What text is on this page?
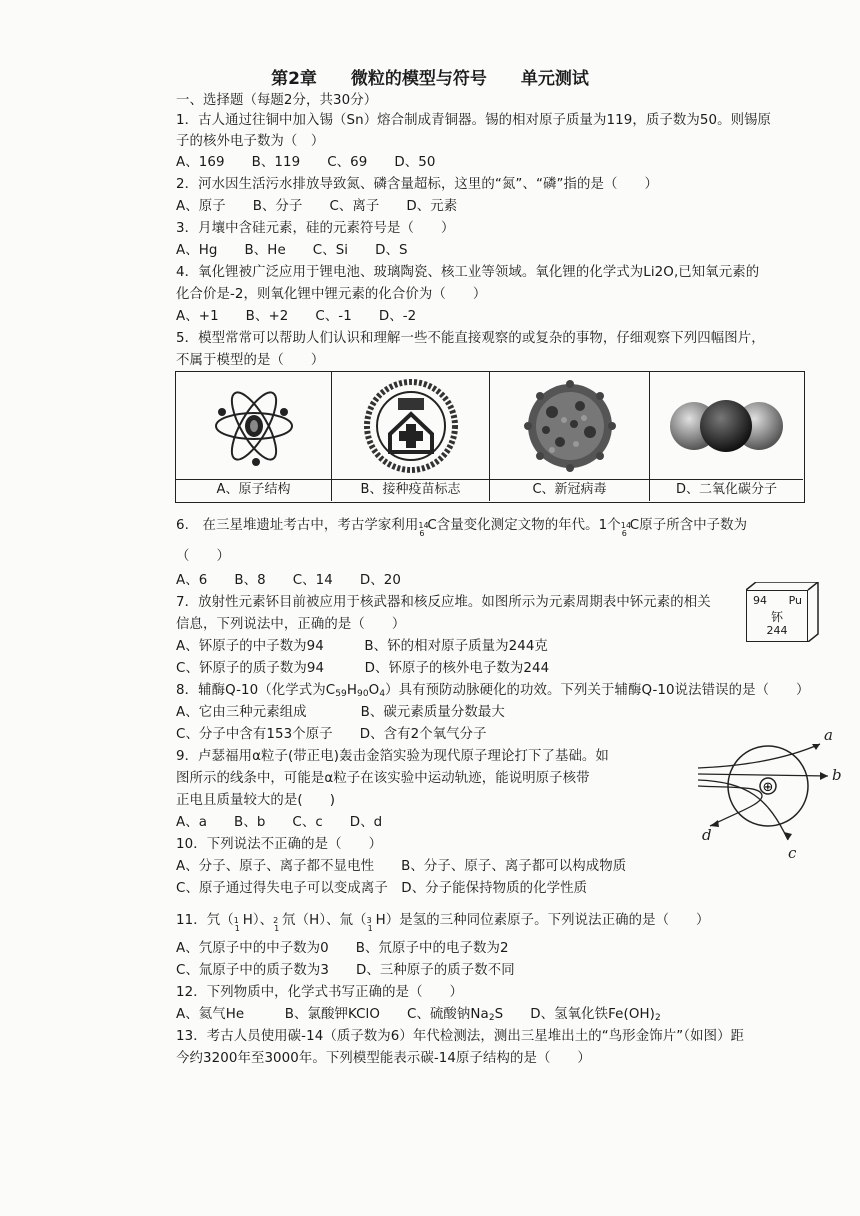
第2章　　微粒的模型与符号　　单元测试
一、选择题（每题2分，共30分）
1．古人通过往铜中加入锡（Sn）熔合制成青铜器。锡的相对原子质量为119，质子数为50。则锡原
子的核外电子数为（　）
A、169　　B、119　　C、69　　D、50
2．河水因生活污水排放导致氮、磷含量超标，这里的“氮”、“磷”指的是（　　）
A、原子　　B、分子　　C、离子　　D、元素
3．月壤中含硅元素，硅的元素符号是（　　）
A、Hg　　B、He　　C、Si　　D、S
4．氧化锂被广泛应用于锂电池、玻璃陶瓷、核工业等领域。氧化锂的化学式为Li2O,已知氧元素的
化合价是-2，则氧化锂中锂元素的化合价为（　　）
A、+1　　B、+2　　C、-1　　D、-2
5．模型常常可以帮助人们认识和理解一些不能直接观察的或复杂的事物，仔细观察下列四幅图片，
不属于模型的是（　　）
A、原子结构	B、接种疫苗标志	C、新冠病毒	D、二氧化碳分子
6.　在三星堆遗址考古中，考古学家利用 14
6
C含量变化测定文物的年代。1个 14
6
C原子所含中子数为
（　　）
A、6　　B、8　　C、14　　D、20
7．放射性元素钚目前被应用于核武器和核反应堆。如图所示为元素周期表中钚元素的相关
信息，下列说法中，正确的是（　　）
A、钚原子的中子数为94　　　B、钚的相对原子质量为244克
C、钚原子的质子数为94　　　D、钚原子的核外电子数为244
94 Pu
钚
244
8．辅酶Q-10（化学式为$C_{59}H_{90}O_4$）具有预防动脉硬化的功效。下列关于辅酶Q-10说法错误的是（　　）
A、它由三种元素组成　　　　B、碳元素质量分数最大
C、分子中含有153个原子　　D、含有2个氧气分子
9．卢瑟福用α粒子(带正电)轰击金箔实验为现代原子理论打下了基础。如
图所示的线条中，可能是α粒子在该实验中运动轨迹，能说明原子核带
正电且质量较大的是(　　)
A、a　　B、b　　C、c　　D、d
⊕
a
b
c
d
10．下列说法不正确的是（　　）
A、分子、原子、离子都不显电性　　B、分子、原子、离子都可以构成物质
C、原子通过得失电子可以变成离子　D、分子能保持物质的化学性质
11．氕（ 1
1
H）、 2
1
氘（H）、氚（ 3
1
H）是氢的三种同位素原子。下列说法正确的是（　　）
A、氕原子中的中子数为0　　B、氘原子中的电子数为2
C、氚原子中的质子数为3　　D、三种原子的质子数不同
12．下列物质中，化学式书写正确的是（　　）
A、氦气He　　　B、氯酸钾KClO　　C、硫酸钠$Na_2S$　　D、氢氧化铁$Fe(OH)_2$
13．考古人员使用碳-14（质子数为6）年代检测法，测出三星堆出土的“鸟形金饰片”（如图）距
今约3200年至3000年。下列模型能表示碳-14原子结构的是（　　）
